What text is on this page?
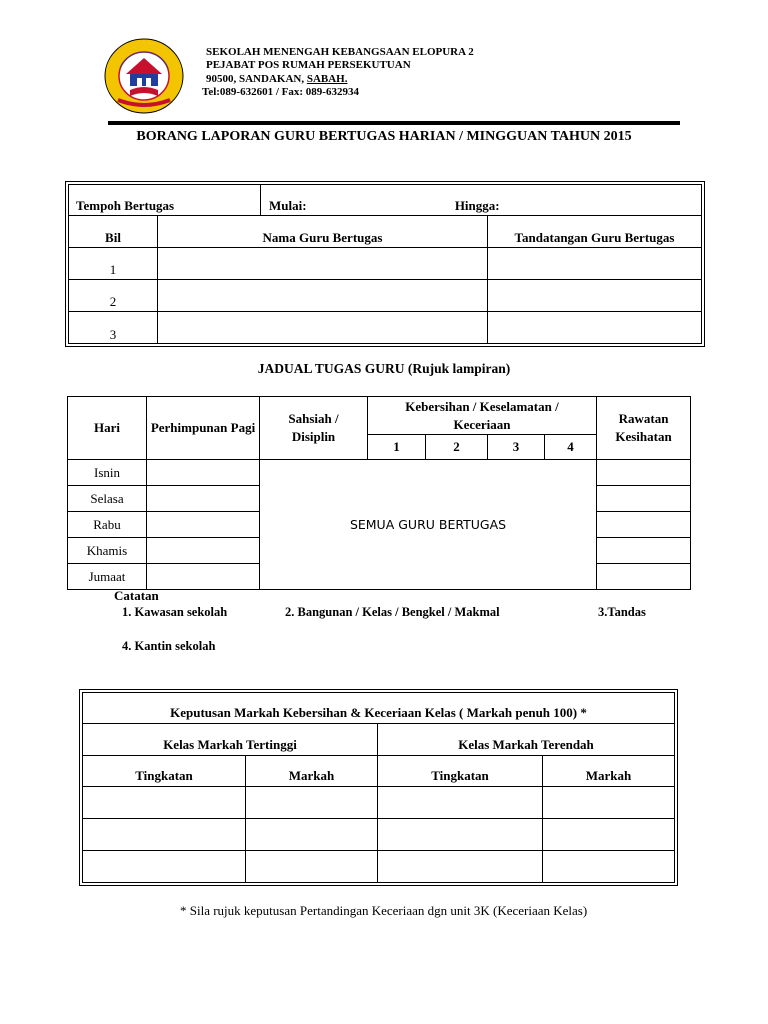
SEKOLAH MENENGAH KEBANGSAAN ELOPURA 2
PEJABAT POS RUMAH PERSEKUTUAN
90500, SANDAKAN, SABAH.
Tel:089-632601 / Fax: 089-632934
BORANG LAPORAN GURU BERTUGAS HARIAN / MINGGUAN TAHUN 2015
Tempoh Bertugas		Mulai: Hingga:	
Bil	Nama Guru Bertugas		Tandatangan Guru Bertugas
1			
2			
3			
JADUAL TUGAS GURU (Rujuk lampiran)
Hari	Perhimpunan Pagi	Sahsiah / Disiplin	Kebersihan / Keselamatan / Keceriaan				Rawatan Kesihatan
			1	2	3	4	
Isnin		SEMUA GURU BERTUGAS					
Selasa							
Rabu							
Khamis							
Jumaat							
Catatan
1. Kawasan sekolah	2. Bangunan / Kelas / Bengkel / Makmal	3.Tandas
4. Kantin sekolah
Keputusan Markah Kebersihan & Keceriaan Kelas ( Markah penuh 100) *			
Kelas Markah Tertinggi		Kelas Markah Terendah	
Tingkatan	Markah	Tingkatan	Markah

* Sila rujuk keputusan Pertandingan Keceriaan dgn unit 3K (Keceriaan Kelas)
